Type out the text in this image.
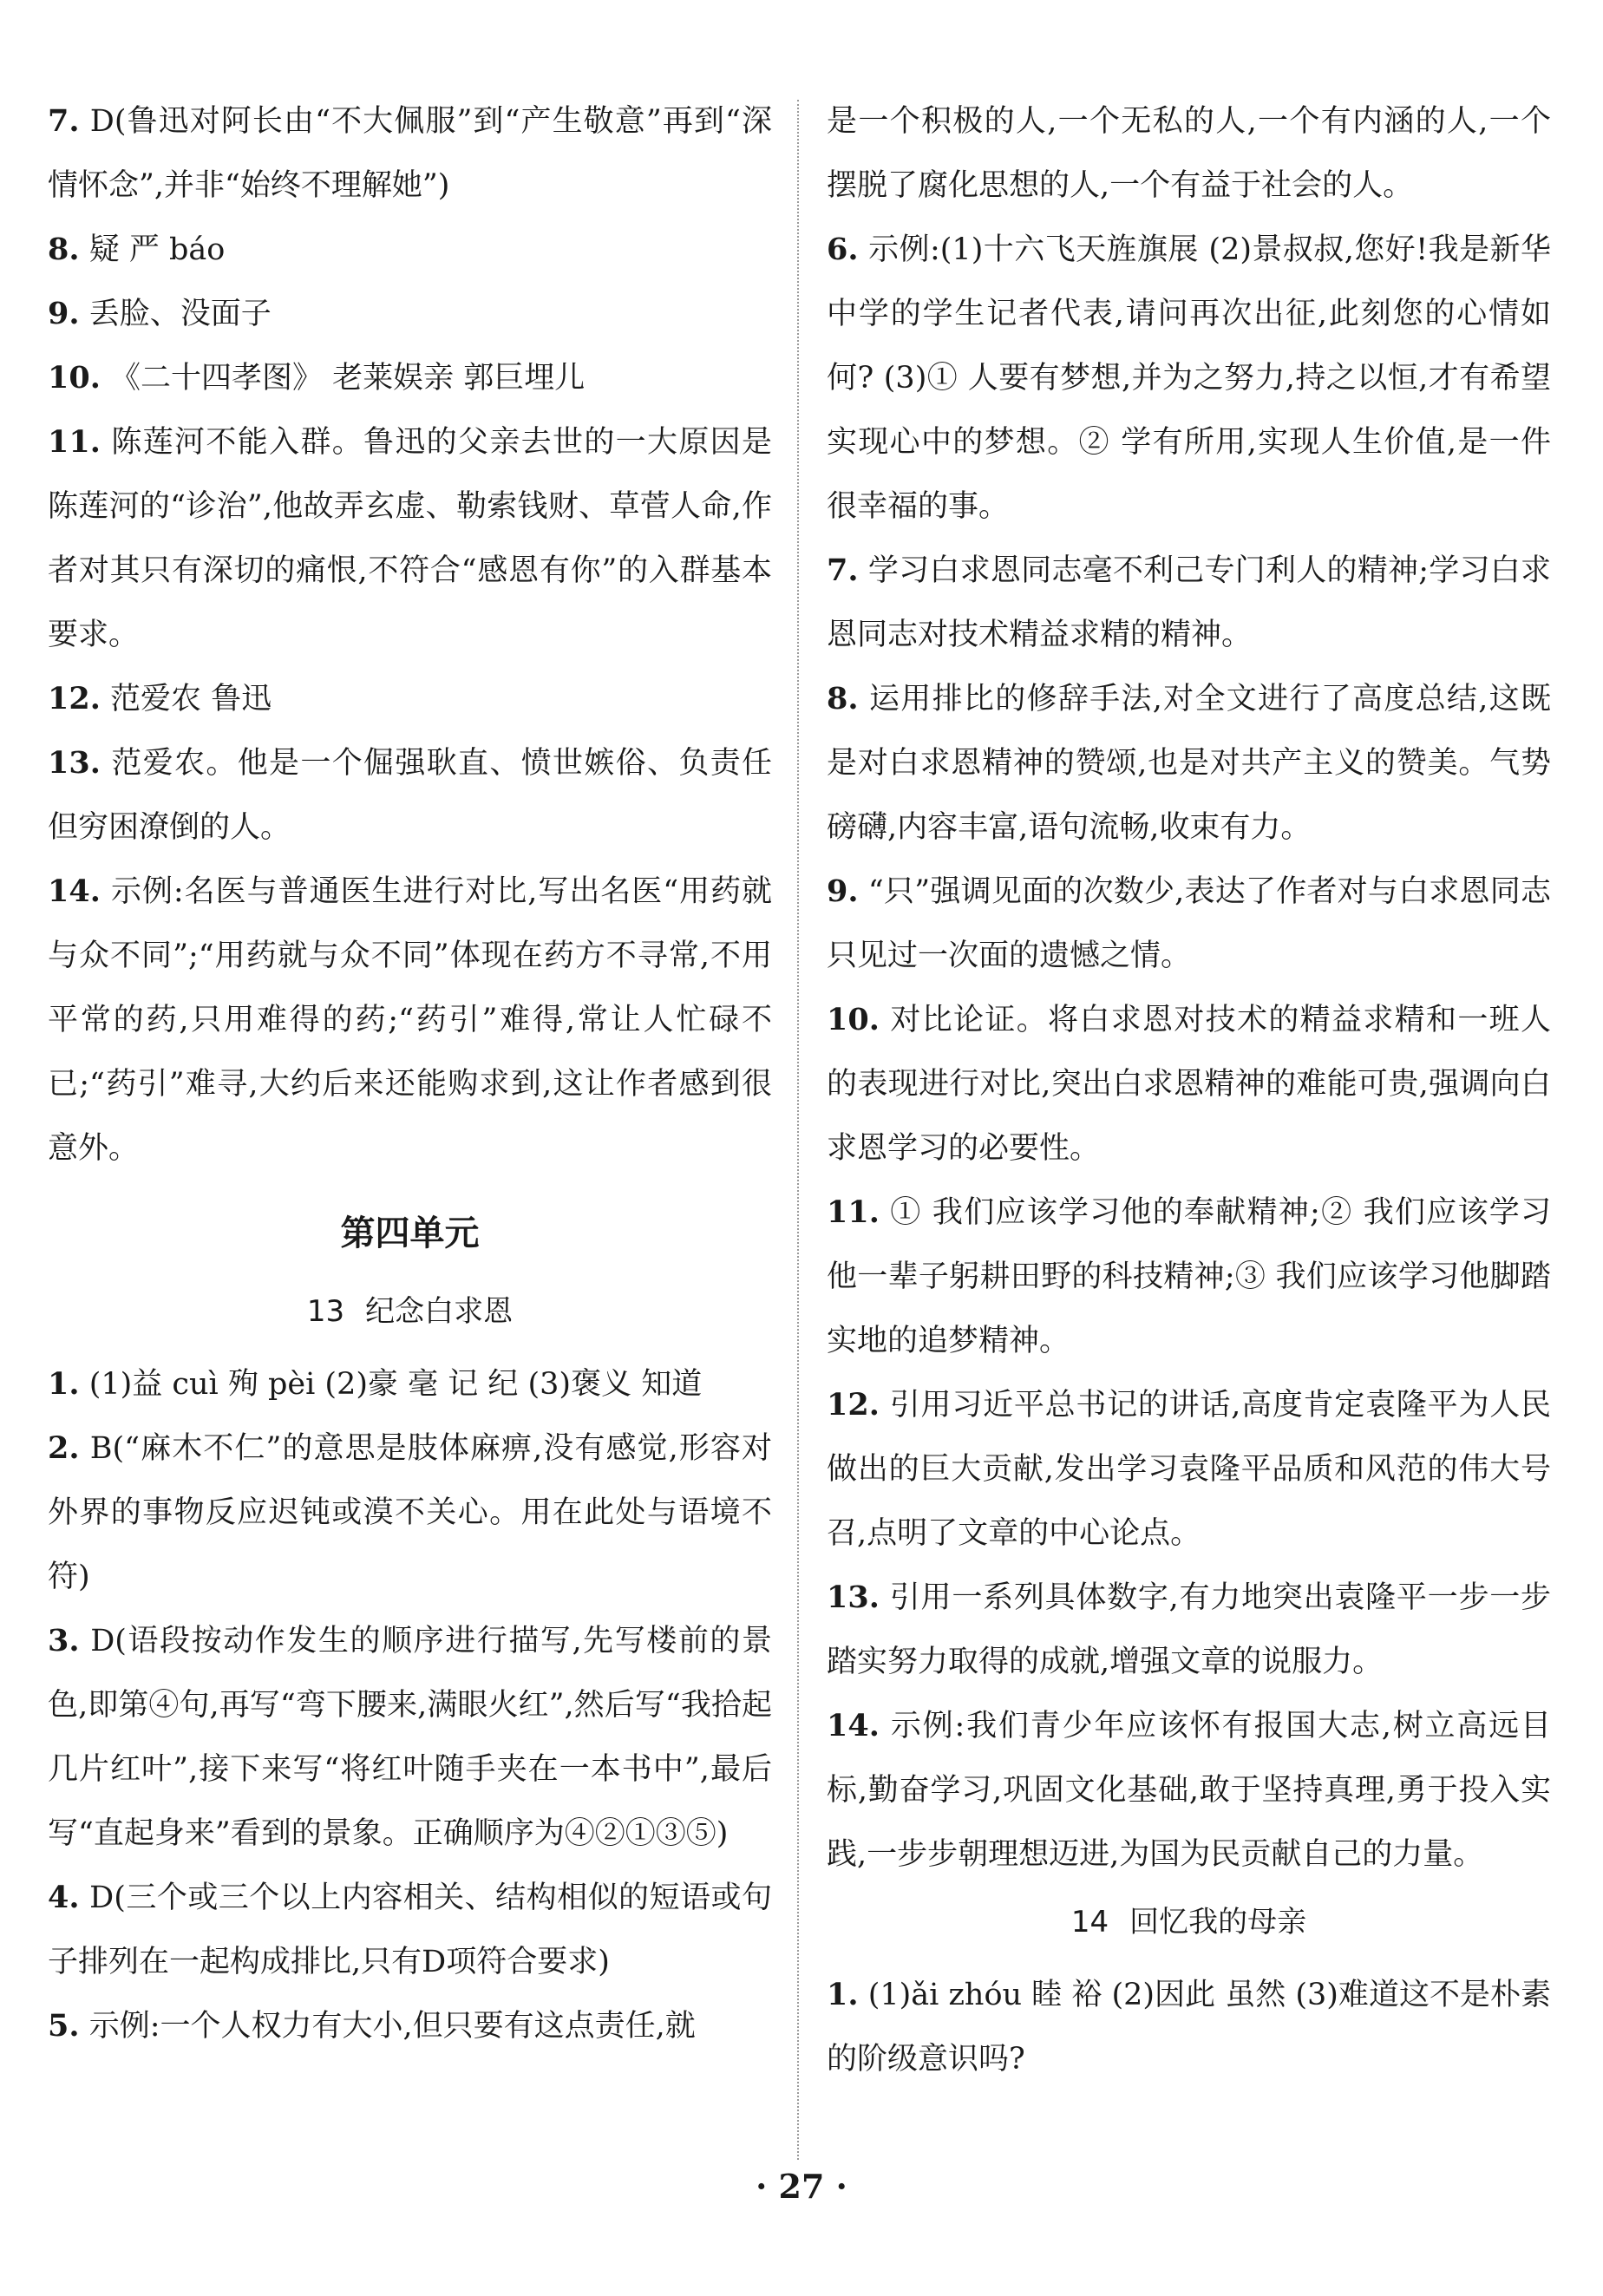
7. D(鲁迅对阿长由“不大佩服”到“产生敬意”再到“深情怀念”,并非“始终不理解她”)

8. 疑 严 báo

9. 丢脸、没面子

10. 《二十四孝图》 老莱娱亲 郭巨埋儿

11. 陈莲河不能入群。鲁迅的父亲去世的一大原因是陈莲河的“诊治”,他故弄玄虚、勒索钱财、草菅人命,作者对其只有深切的痛恨,不符合“感恩有你”的入群基本要求。

12. 范爱农 鲁迅

13. 范爱农。他是一个倔强耿直、愤世嫉俗、负责任但穷困潦倒的人。

14. 示例:名医与普通医生进行对比,写出名医“用药就与众不同”;“用药就与众不同”体现在药方不寻常,不用平常的药,只用难得的药;“药引”难得,常让人忙碌不已;“药引”难寻,大约后来还能购求到,这让作者感到很意外。

第四单元
13 纪念白求恩

1. (1)益 cuì 殉 pèi (2)豪 毫 记 纪 (3)褒义 知道

2. B(“麻木不仁”的意思是肢体麻痹,没有感觉,形容对外界的事物反应迟钝或漠不关心。用在此处与语境不符)

3. D(语段按动作发生的顺序进行描写,先写楼前的景色,即第④句,再写“弯下腰来,满眼火红”,然后写“我拾起几片红叶”,接下来写“将红叶随手夹在一本书中”,最后写“直起身来”看到的景象。正确顺序为④②①③⑤)

4. D(三个或三个以上内容相关、结构相似的短语或句子排列在一起构成排比,只有D项符合要求)

5. 示例:一个人权力有大小,但只要有这点责任,就

是一个积极的人,一个无私的人,一个有内涵的人,一个摆脱了腐化思想的人,一个有益于社会的人。

6. 示例:(1)十六飞天旌旗展 (2)景叔叔,您好!我是新华中学的学生记者代表,请问再次出征,此刻您的心情如何? (3)① 人要有梦想,并为之努力,持之以恒,才有希望实现心中的梦想。② 学有所用,实现人生价值,是一件很幸福的事。

7. 学习白求恩同志毫不利己专门利人的精神;学习白求恩同志对技术精益求精的精神。

8. 运用排比的修辞手法,对全文进行了高度总结,这既是对白求恩精神的赞颂,也是对共产主义的赞美。气势磅礴,内容丰富,语句流畅,收束有力。

9. “只”强调见面的次数少,表达了作者对与白求恩同志只见过一次面的遗憾之情。

10. 对比论证。将白求恩对技术的精益求精和一班人的表现进行对比,突出白求恩精神的难能可贵,强调向白求恩学习的必要性。

11. ① 我们应该学习他的奉献精神;② 我们应该学习他一辈子躬耕田野的科技精神;③ 我们应该学习他脚踏实地的追梦精神。

12. 引用习近平总书记的讲话,高度肯定袁隆平为人民做出的巨大贡献,发出学习袁隆平品质和风范的伟大号召,点明了文章的中心论点。

13. 引用一系列具体数字,有力地突出袁隆平一步一步踏实努力取得的成就,增强文章的说服力。

14. 示例:我们青少年应该怀有报国大志,树立高远目标,勤奋学习,巩固文化基础,敢于坚持真理,勇于投入实践,一步步朝理想迈进,为国为民贡献自己的力量。

14 回忆我的母亲

1. (1)ǎi zhóu 睦 裕 (2)因此 虽然 (3)难道这不是朴素的阶级意识吗?

· 27 ·
